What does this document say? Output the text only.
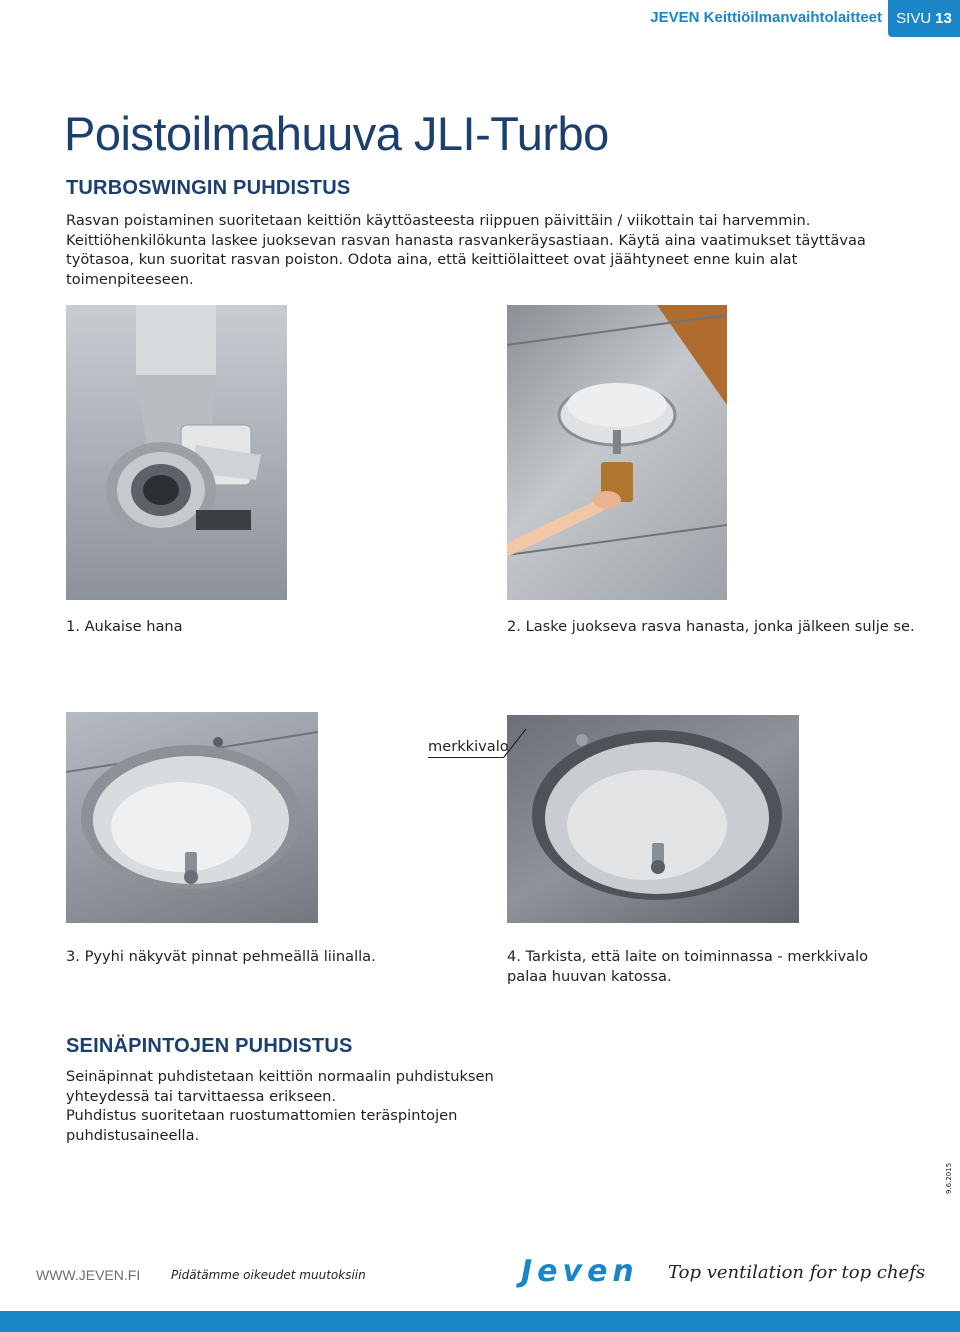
JEVEN Keittiöilmanvaihtolaitteet SIVU 13
Poistoilmahuuva JLI-Turbo
TURBOSWINGIN PUHDISTUS

Rasvan poistaminen suoritetaan keittiön käyttöasteesta riippuen päivittäin / viikottain tai harvemmin. Keittiöhenkilökunta laskee juoksevan rasvan hanasta rasvankeräysastiaan. Käytä aina vaatimukset täyttävaa työtasoa, kun suoritat rasvan poiston. Odota aina, että keittiölaitteet ovat jäähtyneet enne kuin alat toimenpiteeseen.

1. Aukaise hana	2. Laske juokseva rasva hanasta, jonka jälkeen sulje se.
merkkivalo
3. Pyyhi näkyvät pinnat pehmeällä liinalla.	4. Tarkista, että laite on toiminnassa - merkkivalo palaa huuvan katossa.
SEINÄPINTOJEN PUHDISTUS

Seinäpinnat puhdistetaan keittiön normaalin puhdistuksen yhteydessä tai tarvittaessa erikseen.

Puhdistus suoritetaan ruostumattomien teräspintojen puhdistusaineella.

9.6.2015
WWW.JEVEN.FI	Pidätämme oikeudet muutoksiin	Jeven Top ventilation for top chefs
